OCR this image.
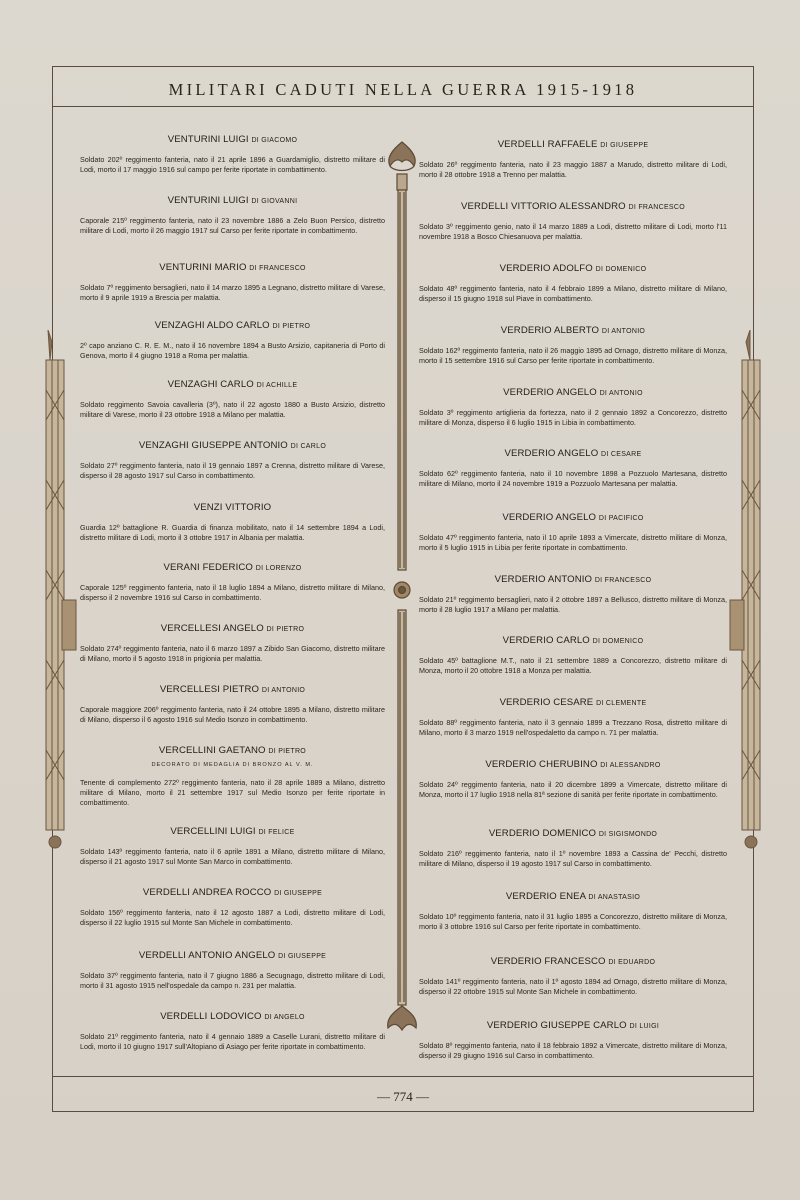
MILITARI CADUTI NELLA GUERRA 1915-1918
VENTURINI LUIGI DI GIACOMO
Soldato 202º reggimento fanteria, nato il 21 aprile 1896 a Guardamiglio, distretto militare di Lodi, morto il 17 maggio 1916 sul campo per ferite riportate in combattimento.
VENTURINI LUIGI DI GIOVANNI
Caporale 215º reggimento fanteria, nato il 23 novembre 1886 a Zelo Buon Persico, distretto militare di Lodi, morto il 26 maggio 1917 sul Carso per ferite riportate in combattimento.
VENTURINI MARIO DI FRANCESCO
Soldato 7º reggimento bersaglieri, nato il 14 marzo 1895 a Legnano, distretto militare di Varese, morto il 9 aprile 1919 a Brescia per malattia.
VENZAGHI ALDO CARLO DI PIETRO
2º capo anziano C. R. E. M., nato il 16 novembre 1894 a Busto Arsizio, capitaneria di Porto di Genova, morto il 4 giugno 1918 a Roma per malattia.
VENZAGHI CARLO DI ACHILLE
Soldato reggimento Savoia cavalleria (3º), nato il 22 agosto 1880 a Busto Arsizio, distretto militare di Varese, morto il 23 ottobre 1918 a Milano per malattia.
VENZAGHI GIUSEPPE ANTONIO DI CARLO
Soldato 27º reggimento fanteria, nato il 19 gennaio 1897 a Crenna, distretto militare di Varese, disperso il 28 agosto 1917 sul Carso in combattimento.
VENZI VITTORIO
Guardia 12º battaglione R. Guardia di finanza mobilitato, nato il 14 settembre 1894 a Lodi, distretto militare di Lodi, morto il 3 ottobre 1917 in Albania per malattia.
VERANI FEDERICO DI LORENZO
Caporale 125º reggimento fanteria, nato il 18 luglio 1894 a Milano, distretto militare di Milano, disperso il 2 novembre 1916 sul Carso in combattimento.
VERCELLESI ANGELO DI PIETRO
Soldato 274º reggimento fanteria, nato il 6 marzo 1897 a Zibido San Giacomo, distretto militare di Milano, morto il 5 agosto 1918 in prigionia per malattia.
VERCELLESI PIETRO DI ANTONIO
Caporale maggiore 206º reggimento fanteria, nato il 24 ottobre 1895 a Milano, distretto militare di Milano, disperso il 6 agosto 1916 sul Medio Isonzo in combattimento.
VERCELLINI GAETANO DI PIETRO
DECORATO DI MEDAGLIA DI BRONZO AL V. M.
Tenente di complemento 272º reggimento fanteria, nato il 28 aprile 1889 a Milano, distretto militare di Milano, morto il 21 settembre 1917 sul Medio Isonzo per ferite riportate in combattimento.
VERCELLINI LUIGI DI FELICE
Soldato 143º reggimento fanteria, nato il 6 aprile 1891 a Milano, distretto militare di Milano, disperso il 21 agosto 1917 sul Monte San Marco in combattimento.
VERDELLI ANDREA ROCCO DI GIUSEPPE
Soldato 156º reggimento fanteria, nato il 12 agosto 1887 a Lodi, distretto militare di Lodi, disperso il 22 luglio 1915 sul Monte San Michele in combattimento.
VERDELLI ANTONIO ANGELO DI GIUSEPPE
Soldato 37º reggimento fanteria, nato il 7 giugno 1886 a Secugnago, distretto militare di Lodi, morto il 31 agosto 1915 nell'ospedale da campo n. 231 per malattia.
VERDELLI LODOVICO DI ANGELO
Soldato 21º reggimento fanteria, nato il 4 gennaio 1889 a Caselle Lurani, distretto militare di Lodi, morto il 10 giugno 1917 sull'Altopiano di Asiago per ferite riportate in combattimento.
VERDELLI RAFFAELE DI GIUSEPPE
Soldato 26º reggimento fanteria, nato il 23 maggio 1887 a Marudo, distretto militare di Lodi, morto il 28 ottobre 1918 a Trenno per malattia.
VERDELLI VITTORIO ALESSANDRO DI FRANCESCO
Soldato 3º reggimento genio, nato il 14 marzo 1889 a Lodi, distretto militare di Lodi, morto l'11 novembre 1918 a Bosco Chiesanuova per malattia.
VERDERIO ADOLFO DI DOMENICO
Soldato 48º reggimento fanteria, nato il 4 febbraio 1899 a Milano, distretto militare di Milano, disperso il 15 giugno 1918 sul Piave in combattimento.
VERDERIO ALBERTO DI ANTONIO
Soldato 162º reggimento fanteria, nato il 26 maggio 1895 ad Ornago, distretto militare di Monza, morto il 15 settembre 1916 sul Carso per ferite riportate in combattimento.
VERDERIO ANGELO DI ANTONIO
Soldato 3º reggimento artiglieria da fortezza, nato il 2 gennaio 1892 a Concorezzo, distretto militare di Monza, disperso il 6 luglio 1915 in Libia in combattimento.
VERDERIO ANGELO DI CESARE
Soldato 62º reggimento fanteria, nato il 10 novembre 1898 a Pozzuolo Martesana, distretto militare di Milano, morto il 24 novembre 1919 a Pozzuolo Martesana per malattia.
VERDERIO ANGELO DI PACIFICO
Soldato 47º reggimento fanteria, nato il 10 aprile 1893 a Vimercate, distretto militare di Monza, morto il 5 luglio 1915 in Libia per ferite riportate in combattimento.
VERDERIO ANTONIO DI FRANCESCO
Soldato 21º reggimento bersaglieri, nato il 2 ottobre 1897 a Bellusco, distretto militare di Monza, morto il 28 luglio 1917 a Milano per malattia.
VERDERIO CARLO DI DOMENICO
Soldato 45º battaglione M.T., nato il 21 settembre 1889 a Concorezzo, distretto militare di Monza, morto il 20 ottobre 1918 a Monza per malattia.
VERDERIO CESARE DI CLEMENTE
Soldato 88º reggimento fanteria, nato il 3 gennaio 1899 a Trezzano Rosa, distretto militare di Milano, morto il 3 marzo 1919 nell'ospedaletto da campo n. 71 per malattia.
VERDERIO CHERUBINO DI ALESSANDRO
Soldato 24º reggimento fanteria, nato il 20 dicembre 1899 a Vimercate, distretto militare di Monza, morto il 17 luglio 1918 nella 81ª sezione di sanità per ferite riportate in combattimento.
VERDERIO DOMENICO DI SIGISMONDO
Soldato 216º reggimento fanteria, nato il 1º novembre 1893 a Cassina de' Pecchi, distretto militare di Milano, disperso il 19 agosto 1917 sul Carso in combattimento.
VERDERIO ENEA DI ANASTASIO
Soldato 10º reggimento fanteria, nato il 31 luglio 1895 a Concorezzo, distretto militare di Monza, morto il 3 ottobre 1916 sul Carso per ferite riportate in combattimento.
VERDERIO FRANCESCO DI EDUARDO
Soldato 141º reggimento fanteria, nato il 1º agosto 1894 ad Ornago, distretto militare di Monza, disperso il 22 ottobre 1915 sul Monte San Michele in combattimento.
VERDERIO GIUSEPPE CARLO DI LUIGI
Soldato 8º reggimento fanteria, nato il 18 febbraio 1892 a Vimercate, distretto militare di Monza, disperso il 29 giugno 1916 sul Carso in combattimento.
— 774 —
